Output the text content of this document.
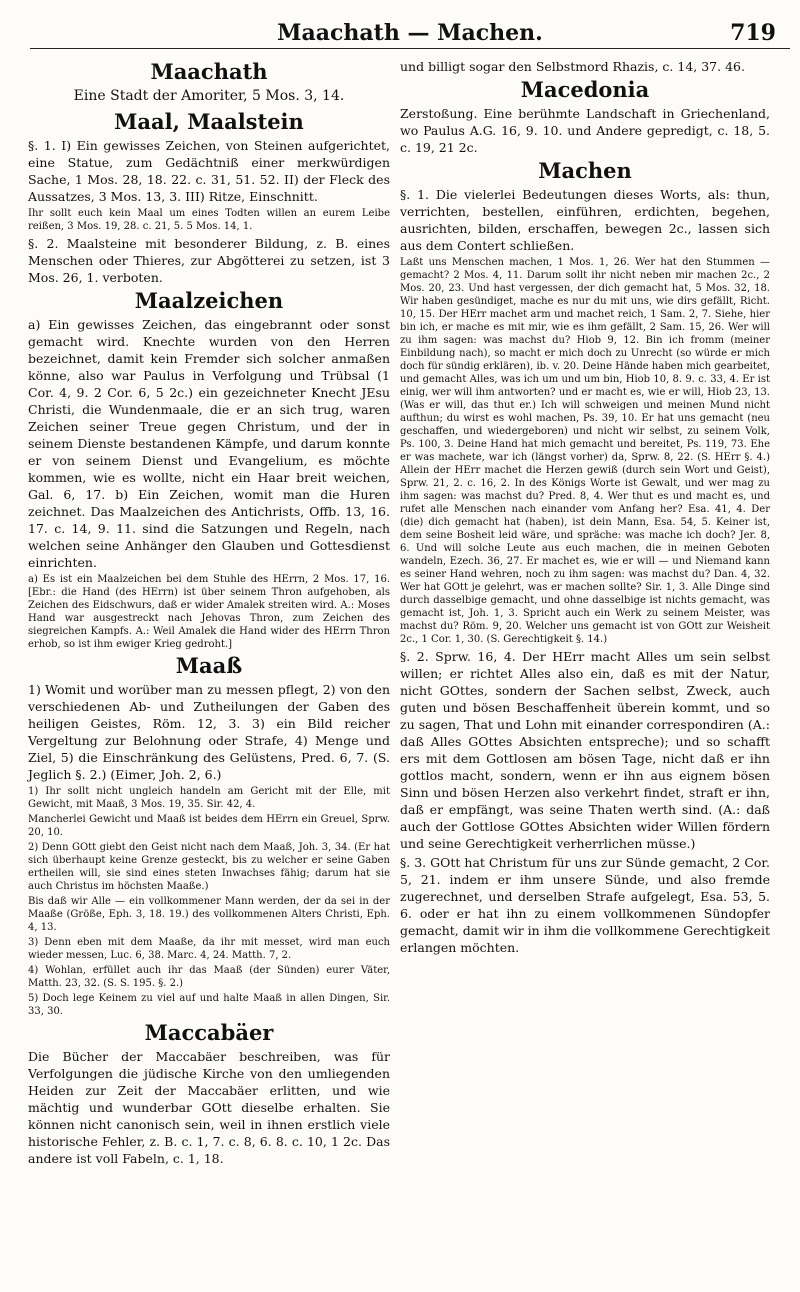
Maachath — Machen.	719
Maachath
Eine Stadt der Amoriter, 5 Mos. 3, 14.
Maal, Maalstein
§. 1. I) Ein gewisses Zeichen, von Steinen aufgerichtet, eine Statue, zum Gedächtniß einer merkwürdigen Sache, 1 Mos. 28, 18. 22. c. 31, 51. 52. II) der Fleck des Aussatzes, 3 Mos. 13, 3. III) Ritze, Einschnitt.
Ihr sollt euch kein Maal um eines Todten willen an eurem Leibe reißen, 3 Mos. 19, 28. c. 21, 5. 5 Mos. 14, 1.
§. 2. Maalsteine mit besonderer Bildung, z. B. eines Menschen oder Thieres, zur Abgötterei zu setzen, ist 3 Mos. 26, 1. verboten.
Maalzeichen
a) Ein gewisses Zeichen, das eingebrannt oder sonst gemacht wird. Knechte wurden von den Herren bezeichnet, damit kein Fremder sich solcher anmaßen könne, also war Paulus in Verfolgung und Trübsal (1 Cor. 4, 9. 2 Cor. 6, 5 2c.) ein gezeichneter Knecht JEsu Christi, die Wundenmaale, die er an sich trug, waren Zeichen seiner Treue gegen Christum, und der in seinem Dienste bestandenen Kämpfe, und darum konnte er von seinem Dienst und Evangelium, es möchte kommen, wie es wollte, nicht ein Haar breit weichen, Gal. 6, 17. b) Ein Zeichen, womit man die Huren zeichnet. Das Maalzeichen des Antichrists, Offb. 13, 16. 17. c. 14, 9. 11. sind die Satzungen und Regeln, nach welchen seine Anhänger den Glauben und Gottesdienst einrichten.
a) Es ist ein Maalzeichen bei dem Stuhle des HErrn, 2 Mos. 17, 16. [Ebr.: die Hand (des HErrn) ist über seinem Thron aufgehoben, als Zeichen des Eidschwurs, daß er wider Amalek streiten wird. A.: Moses Hand war ausgestreckt nach Jehovas Thron, zum Zeichen des siegreichen Kampfs. A.: Weil Amalek die Hand wider des HErrn Thron erhob, so ist ihm ewiger Krieg gedroht.]
Maaß
1) Womit und worüber man zu messen pflegt, 2) von den verschiedenen Ab- und Zutheilungen der Gaben des heiligen Geistes, Röm. 12, 3. 3) ein Bild reicher Vergeltung zur Belohnung oder Strafe, 4) Menge und Ziel, 5) die Einschränkung des Gelüstens, Pred. 6, 7. (S. Jeglich §. 2.) (Eimer, Joh. 2, 6.)
1) Ihr sollt nicht ungleich handeln am Gericht mit der Elle, mit Gewicht, mit Maaß, 3 Mos. 19, 35. Sir. 42, 4.
Mancherlei Gewicht und Maaß ist beides dem HErrn ein Greuel, Sprw. 20, 10.
2) Denn GOtt giebt den Geist nicht nach dem Maaß, Joh. 3, 34. (Er hat sich überhaupt keine Grenze gesteckt, bis zu welcher er seine Gaben ertheilen will, sie sind eines steten Inwachses fähig; darum hat sie auch Christus im höchsten Maaße.)
Bis daß wir Alle — ein vollkommener Mann werden, der da sei in der Maaße (Größe, Eph. 3, 18. 19.) des vollkommenen Alters Christi, Eph. 4, 13.
3) Denn eben mit dem Maaße, da ihr mit messet, wird man euch wieder messen, Luc. 6, 38. Marc. 4, 24. Matth. 7, 2.
4) Wohlan, erfüllet auch ihr das Maaß (der Sünden) eurer Väter, Matth. 23, 32. (S. S. 195. §. 2.)
5) Doch lege Keinem zu viel auf und halte Maaß in allen Dingen, Sir. 33, 30.
Maccabäer
Die Bücher der Maccabäer beschreiben, was für Verfolgungen die jüdische Kirche von den umliegenden Heiden zur Zeit der Maccabäer erlitten, und wie mächtig und wunderbar GOtt dieselbe erhalten. Sie können nicht canonisch sein, weil in ihnen erstlich viele historische Fehler, z. B. c. 1, 7. c. 8, 6. 8. c. 10, 1 2c. Das andere ist voll Fabeln, c. 1, 18.
und billigt sogar den Selbstmord Rhazis, c. 14, 37. 46.
Macedonia
Zerstoßung. Eine berühmte Landschaft in Griechenland, wo Paulus A.G. 16, 9. 10. und Andere gepredigt, c. 18, 5. c. 19, 21 2c.
Machen
§. 1. Die vielerlei Bedeutungen dieses Worts, als: thun, verrichten, bestellen, einführen, erdichten, begehen, ausrichten, bilden, erschaffen, bewegen 2c., lassen sich aus dem Contert schließen.
Laßt uns Menschen machen, 1 Mos. 1, 26. Wer hat den Stummen — gemacht? 2 Mos. 4, 11. Darum sollt ihr nicht neben mir machen 2c., 2 Mos. 20, 23. Und hast vergessen, der dich gemacht hat, 5 Mos. 32, 18. Wir haben gesündiget, mache es nur du mit uns, wie dirs gefällt, Richt. 10, 15. Der HErr machet arm und machet reich, 1 Sam. 2, 7. Siehe, hier bin ich, er mache es mit mir, wie es ihm gefällt, 2 Sam. 15, 26. Wer will zu ihm sagen: was machst du? Hiob 9, 12. Bin ich fromm (meiner Einbildung nach), so macht er mich doch zu Unrecht (so würde er mich doch für sündig erklären), ib. v. 20. Deine Hände haben mich gearbeitet, und gemacht Alles, was ich um und um bin, Hiob 10, 8. 9. c. 33, 4. Er ist einig, wer will ihm antworten? und er macht es, wie er will, Hiob 23, 13. (Was er will, das thut er.) Ich will schweigen und meinen Mund nicht aufthun; du wirst es wohl machen, Ps. 39, 10. Er hat uns gemacht (neu geschaffen, und wiedergeboren) und nicht wir selbst, zu seinem Volk, Ps. 100, 3. Deine Hand hat mich gemacht und bereitet, Ps. 119, 73. Ehe er was machete, war ich (längst vorher) da, Sprw. 8, 22. (S. HErr §. 4.) Allein der HErr machet die Herzen gewiß (durch sein Wort und Geist), Sprw. 21, 2. c. 16, 2. In des Königs Worte ist Gewalt, und wer mag zu ihm sagen: was machst du? Pred. 8, 4. Wer thut es und macht es, und rufet alle Menschen nach einander vom Anfang her? Esa. 41, 4. Der (die) dich gemacht hat (haben), ist dein Mann, Esa. 54, 5. Keiner ist, dem seine Bosheit leid wäre, und spräche: was mache ich doch? Jer. 8, 6. Und will solche Leute aus euch machen, die in meinen Geboten wandeln, Ezech. 36, 27. Er machet es, wie er will — und Niemand kann es seiner Hand wehren, noch zu ihm sagen: was machst du? Dan. 4, 32. Wer hat GOtt je gelehrt, was er machen sollte? Sir. 1, 3. Alle Dinge sind durch dasselbige gemacht, und ohne dasselbige ist nichts gemacht, was gemacht ist, Joh. 1, 3. Spricht auch ein Werk zu seinem Meister, was machst du? Röm. 9, 20. Welcher uns gemacht ist von GOtt zur Weisheit 2c., 1 Cor. 1, 30. (S. Gerechtigkeit §. 14.)
§. 2. Sprw. 16, 4. Der HErr macht Alles um sein selbst willen; er richtet Alles also ein, daß es mit der Natur, nicht GOttes, sondern der Sachen selbst, Zweck, auch guten und bösen Beschaffenheit überein kommt, und so zu sagen, That und Lohn mit einander correspondiren (A.: daß Alles GOttes Absichten entspreche); und so schafft ers mit dem Gottlosen am bösen Tage, nicht daß er ihn gottlos macht, sondern, wenn er ihn aus eignem bösen Sinn und bösen Herzen also verkehrt findet, straft er ihn, daß er empfängt, was seine Thaten werth sind. (A.: daß auch der Gottlose GOttes Absichten wider Willen fördern und seine Gerechtigkeit verherrlichen müsse.)
§. 3. GOtt hat Christum für uns zur Sünde gemacht, 2 Cor. 5, 21. indem er ihm unsere Sünde, und also fremde zugerechnet, und derselben Strafe aufgelegt, Esa. 53, 5. 6. oder er hat ihn zu einem vollkommenen Sündopfer gemacht, damit wir in ihm die vollkommene Gerechtigkeit erlangen möchten.
